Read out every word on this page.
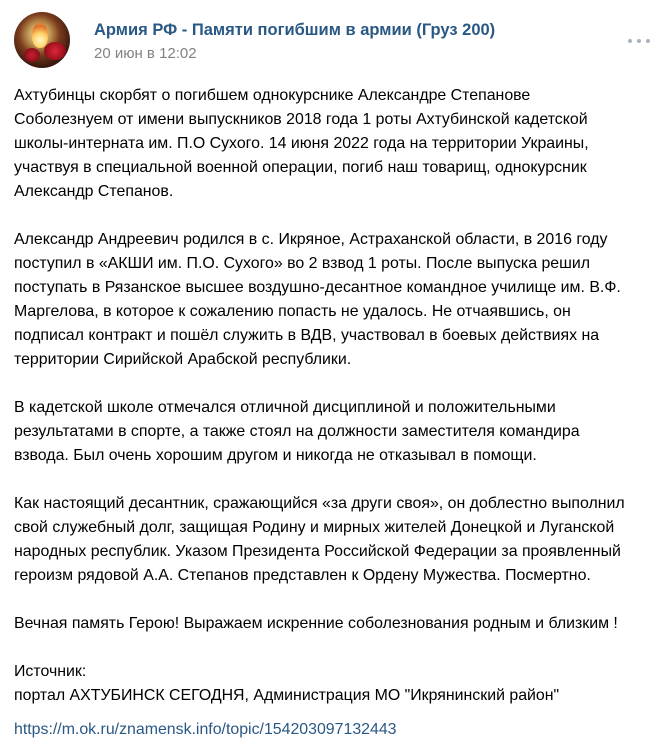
Армия РФ - Памяти погибшим в армии (Груз 200)
20 июн в 12:02
Ахтубинцы скорбят о погибшем однокурснике Александре Степанове
Соболезнуем от имени выпускников 2018 года 1 роты Ахтубинской кадетской
школы-интерната им. П.О Сухого. 14 июня 2022 года на территории Украины,
участвуя в специальной военной операции, погиб наш товарищ, однокурсник
Александр Степанов.
Александр Андреевич родился в с. Икряное, Астраханской области, в 2016 году
поступил в «АКШИ им. П.О. Сухого» во 2 взвод 1 роты. После выпуска решил
поступать в Рязанское высшее воздушно-десантное командное училище им. В.Ф.
Маргелова, в которое к сожалению попасть не удалось. Не отчаявшись, он
подписал контракт и пошёл служить в ВДВ, участвовал в боевых действиях на
территории Сирийской Арабской республики.
В кадетской школе отмечался отличной дисциплиной и положительными
результатами в спорте, а также стоял на должности заместителя командира
взвода. Был очень хорошим другом и никогда не отказывал в помощи.
Как настоящий десантник, сражающийся «за други своя», он доблестно выполнил
свой служебный долг, защищая Родину и мирных жителей Донецкой и Луганской
народных республик. Указом Президента Российской Федерации за проявленный
героизм рядовой А.А. Степанов представлен к Ордену Мужества. Посмертно.
Вечная память Герою! Выражаем искренние соболезнования родным и близким !
Источник:
портал АХТУБИНСК СЕГОДНЯ, Администрация МО "Икрянинский район"
https://m.ok.ru/znamensk.info/topic/154203097132443
